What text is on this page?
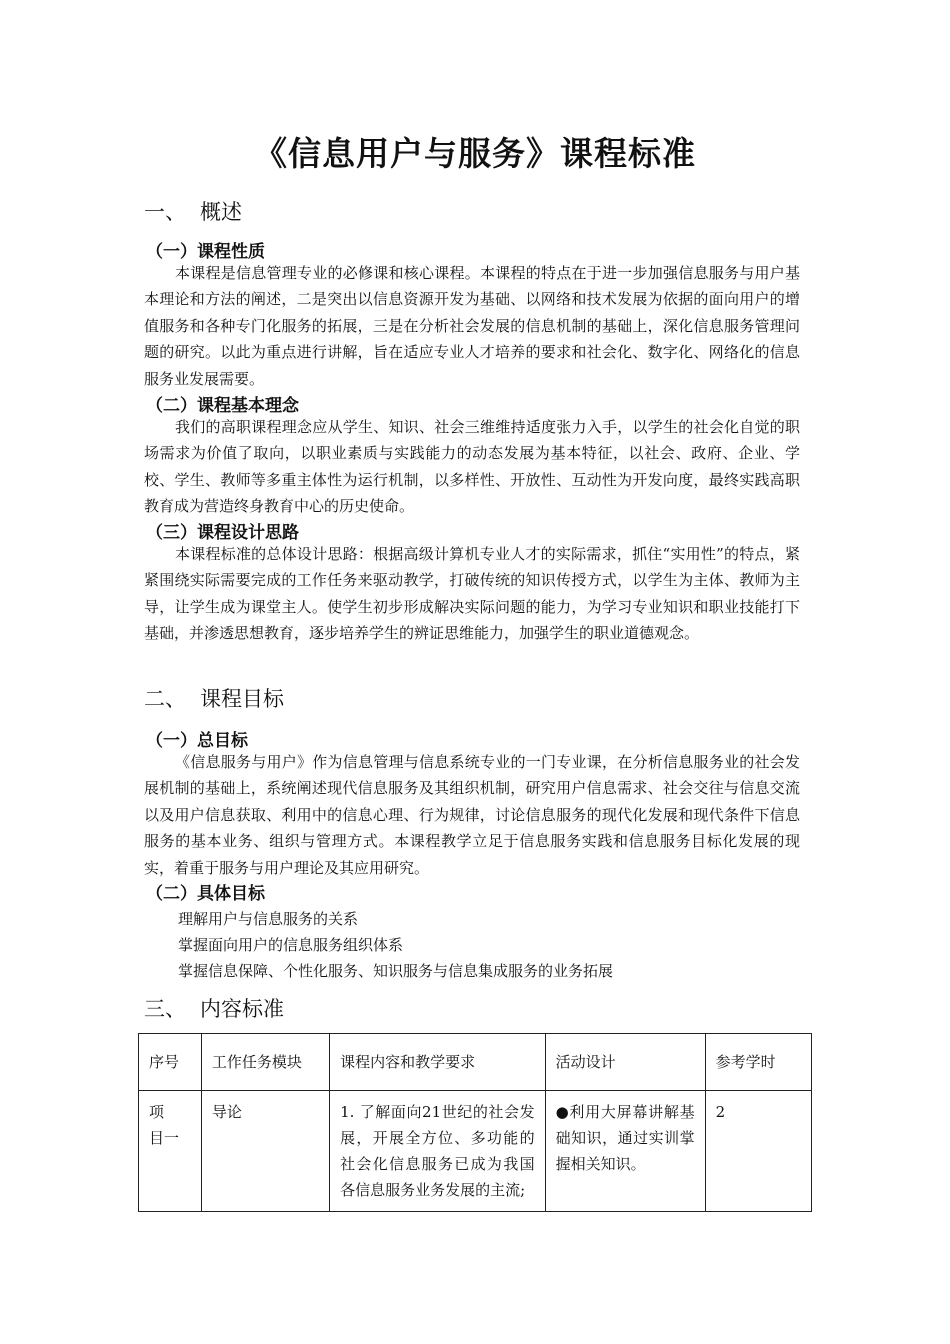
《信息用户与服务》课程标准
一、 概述
（一）课程性质

本课程是信息管理专业的必修课和核心课程。本课程的特点在于进一步加强信息服务与用户基本理论和方法的阐述，二是突出以信息资源开发为基础、以网络和技术发展为依据的面向用户的增值服务和各种专门化服务的拓展，三是在分析社会发展的信息机制的基础上，深化信息服务管理问题的研究。以此为重点进行讲解，旨在适应专业人才培养的要求和社会化、数字化、网络化的信息服务业发展需要。

（二）课程基本理念

我们的高职课程理念应从学生、知识、社会三维维持适度张力入手，以学生的社会化自觉的职场需求为价值了取向，以职业素质与实践能力的动态发展为基本特征，以社会、政府、企业、学校、学生、教师等多重主体性为运行机制，以多样性、开放性、互动性为开发向度，最终实践高职教育成为营造终身教育中心的历史使命。

（三）课程设计思路

本课程标准的总体设计思路：根据高级计算机专业人才的实际需求，抓住“实用性”的特点，紧紧围绕实际需要完成的工作任务来驱动教学，打破传统的知识传授方式，以学生为主体、教师为主导，让学生成为课堂主人。使学生初步形成解决实际问题的能力，为学习专业知识和职业技能打下基础，并渗透思想教育，逐步培养学生的辨证思维能力，加强学生的职业道德观念。

二、 课程目标
（一）总目标

《信息服务与用户》作为信息管理与信息系统专业的一门专业课，在分析信息服务业的社会发展机制的基础上，系统阐述现代信息服务及其组织机制，研究用户信息需求、社会交往与信息交流以及用户信息获取、利用中的信息心理、行为规律，讨论信息服务的现代化发展和现代条件下信息服务的基本业务、组织与管理方式。本课程教学立足于信息服务实践和信息服务目标化发展的现实，着重于服务与用户理论及其应用研究。

（二）具体目标
理解用户与信息服务的关系
掌握面向用户的信息服务组织体系
掌握信息保障、个性化服务、知识服务与信息集成服务的业务拓展
三、 内容标准
序号	工作任务模块	课程内容和教学要求	活动设计	参考学时
项　目一	导论	1. 了解面向21世纪的社会发展，开展全方位、多功能的社会化信息服务已成为我国各信息服务业务发展的主流;	●利用大屏幕讲解基础知识，通过实训掌握相关知识。	2
